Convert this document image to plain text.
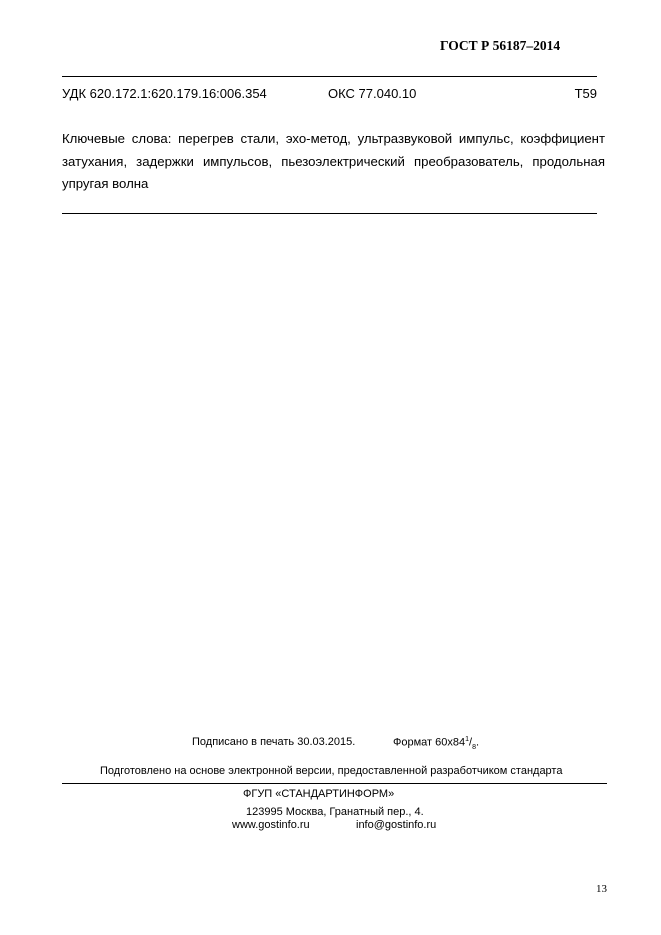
ГОСТ Р 56187–2014
УДК 620.172.1:620.179.16:006.354	ОКС 77.040.10	Т59
Ключевые слова: перегрев стали, эхо-метод, ультразвуковой импульс, коэффициент
затухания, задержки импульсов, пьезоэлектрический преобразователь, продольная
упругая волна
Подписано в печать 30.03.2015.	Формат $60х84^1/_8$.
Подготовлено на основе электронной версии, предоставленной разработчиком стандарта
ФГУП «СТАНДАРТИНФОРМ»
123995 Москва, Гранатный пер., 4.
www.gostinfo.ru	info@gostinfo.ru
13
